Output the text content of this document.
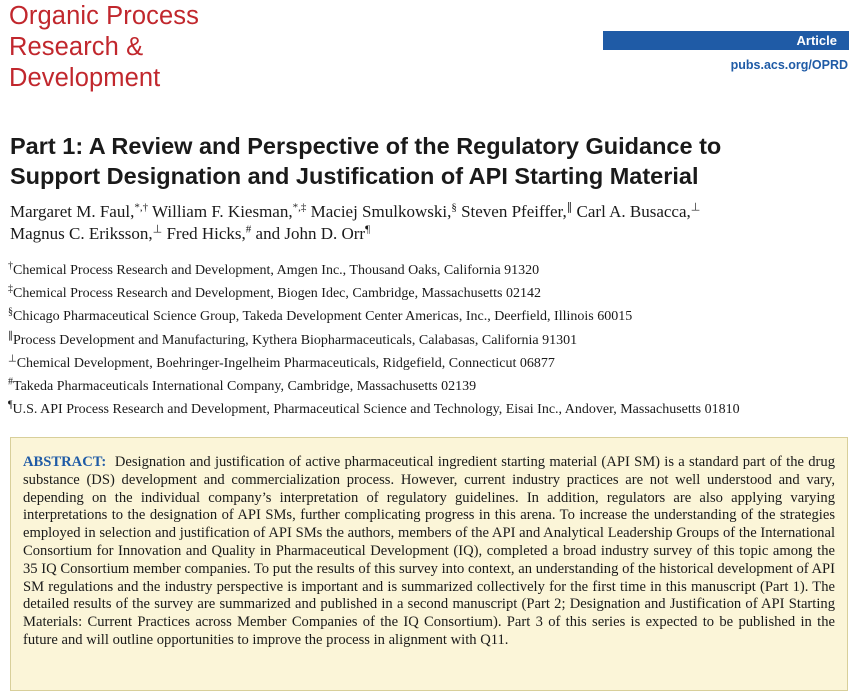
Organic Process
Research &
Development
Article
pubs.acs.org/OPRD
Part 1: A Review and Perspective of the Regulatory Guidance to
Support Designation and Justification of API Starting Material
Margaret M. Faul,*,† William F. Kiesman,*,‡ Maciej Smulkowski,§ Steven Pfeiffer,∥ Carl A. Busacca,⊥
Magnus C. Eriksson,⊥ Fred Hicks,# and John D. Orr¶
†Chemical Process Research and Development, Amgen Inc., Thousand Oaks, California 91320
‡Chemical Process Research and Development, Biogen Idec, Cambridge, Massachusetts 02142
§Chicago Pharmaceutical Science Group, Takeda Development Center Americas, Inc., Deerfield, Illinois 60015
∥Process Development and Manufacturing, Kythera Biopharmaceuticals, Calabasas, California 91301
⊥Chemical Development, Boehringer-Ingelheim Pharmaceuticals, Ridgefield, Connecticut 06877
#Takeda Pharmaceuticals International Company, Cambridge, Massachusetts 02139
¶U.S. API Process Research and Development, Pharmaceutical Science and Technology, Eisai Inc., Andover, Massachusetts 01810

ABSTRACT: Designation and justification of active pharmaceutical ingredient starting material (API SM) is a standard part of the drug substance (DS) development and commercialization process. However, current industry practices are not well understood and vary, depending on the individual company’s interpretation of regulatory guidelines. In addition, regulators are also applying varying interpretations to the designation of API SMs, further complicating progress in this arena. To increase the understanding of the strategies employed in selection and justification of API SMs the authors, members of the API and Analytical Leadership Groups of the International Consortium for Innovation and Quality in Pharmaceutical Development (IQ), completed a broad industry survey of this topic among the 35 IQ Consortium member companies. To put the results of this survey into context, an understanding of the historical development of API SM regulations and the industry perspective is important and is summarized collectively for the first time in this manuscript (Part 1). The detailed results of the survey are summarized and published in a second manuscript (Part 2; Designation and Justification of API Starting Materials: Current Practices across Member Companies of the IQ Consortium). Part 3 of this series is expected to be published in the future and will outline opportunities to improve the process in alignment with Q11.
